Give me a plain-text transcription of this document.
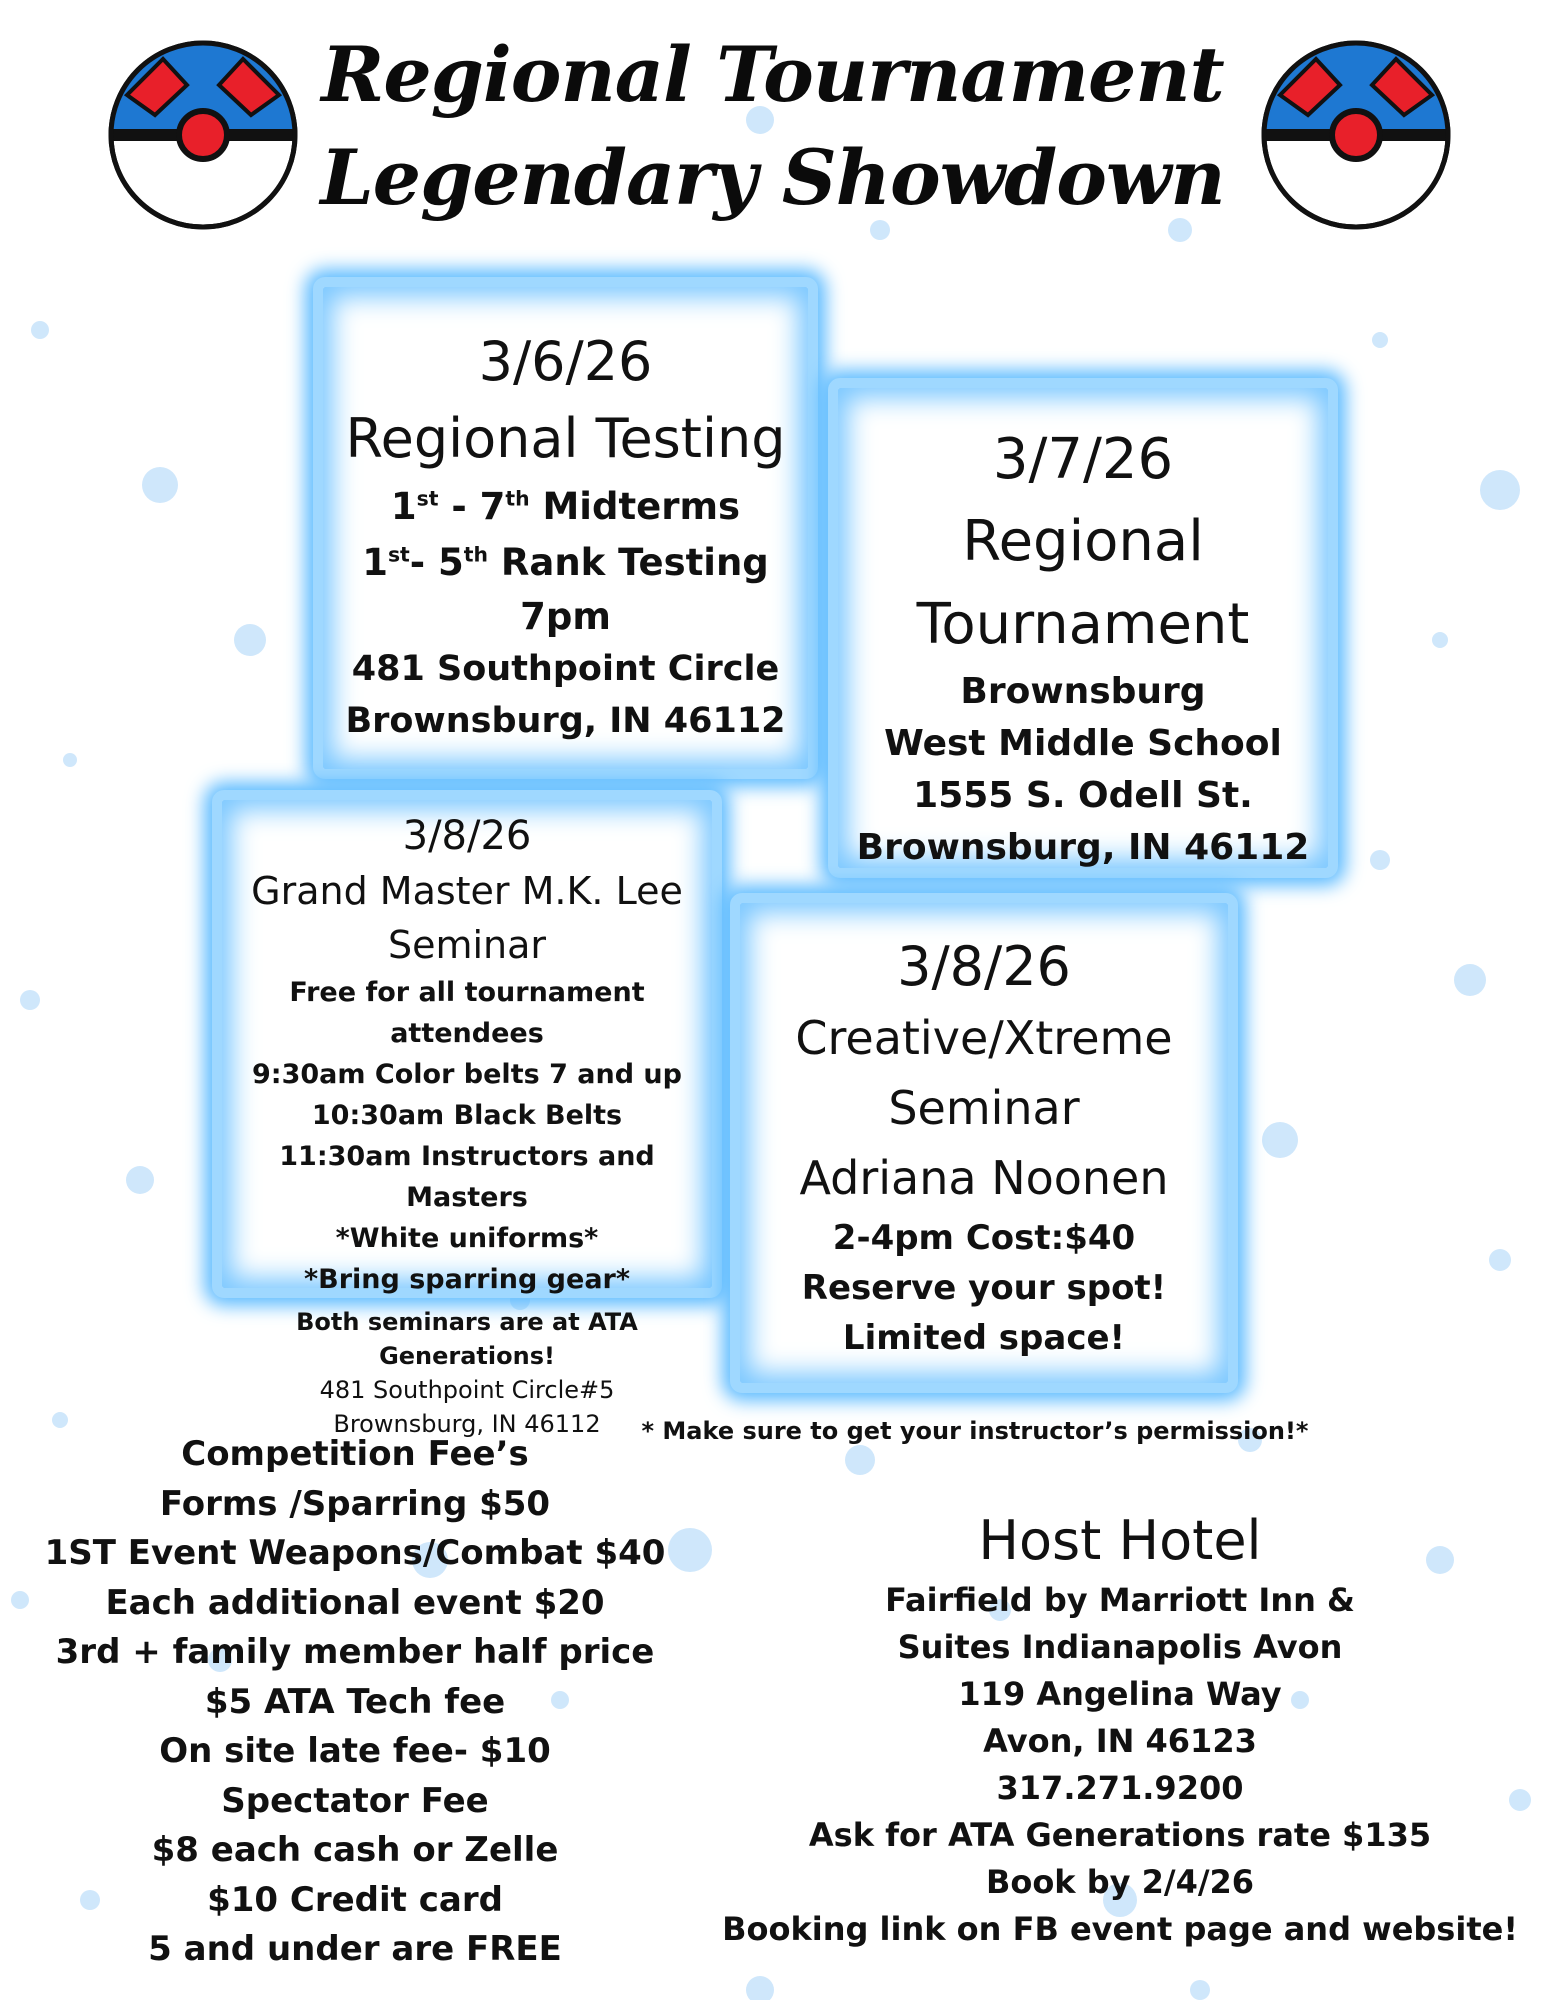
Regional Tournament
Legendary Showdown
3/6/26
Regional Testing
1st - 7th Midterms
1st- 5th Rank Testing
7pm
481 Southpoint Circle
Brownsburg, IN 46112
3/7/26
Regional
Tournament
Brownsburg
West Middle School
1555 S. Odell St.
Brownsburg, IN 46112
3/8/26
Grand Master M.K. Lee
Seminar
Free for all tournament
attendees
9:30am Color belts 7 and up
10:30am Black Belts
11:30am Instructors and
Masters
*White uniforms*
*Bring sparring gear*
3/8/26
Creative/Xtreme
Seminar
Adriana Noonen
2-4pm Cost:$40
Reserve your spot!
Limited space!
Both seminars are at ATA Generations!
481 Southpoint Circle#5
Brownsburg, IN 46112	* Make sure to get your instructor’s permission!*
Competition Fee’s
Forms /Sparring $50
1ST Event Weapons/Combat $40
Each additional event $20
3rd + family member half price
$5 ATA Tech fee
On site late fee- $10
Spectator Fee
$8 each cash or Zelle
$10 Credit card
5 and under are FREE
Host Hotel
Fairfield by Marriott Inn &
Suites Indianapolis Avon
119 Angelina Way
Avon, IN 46123
317.271.9200
Ask for ATA Generations rate $135
Book by 2/4/26
Booking link on FB event page and website!
